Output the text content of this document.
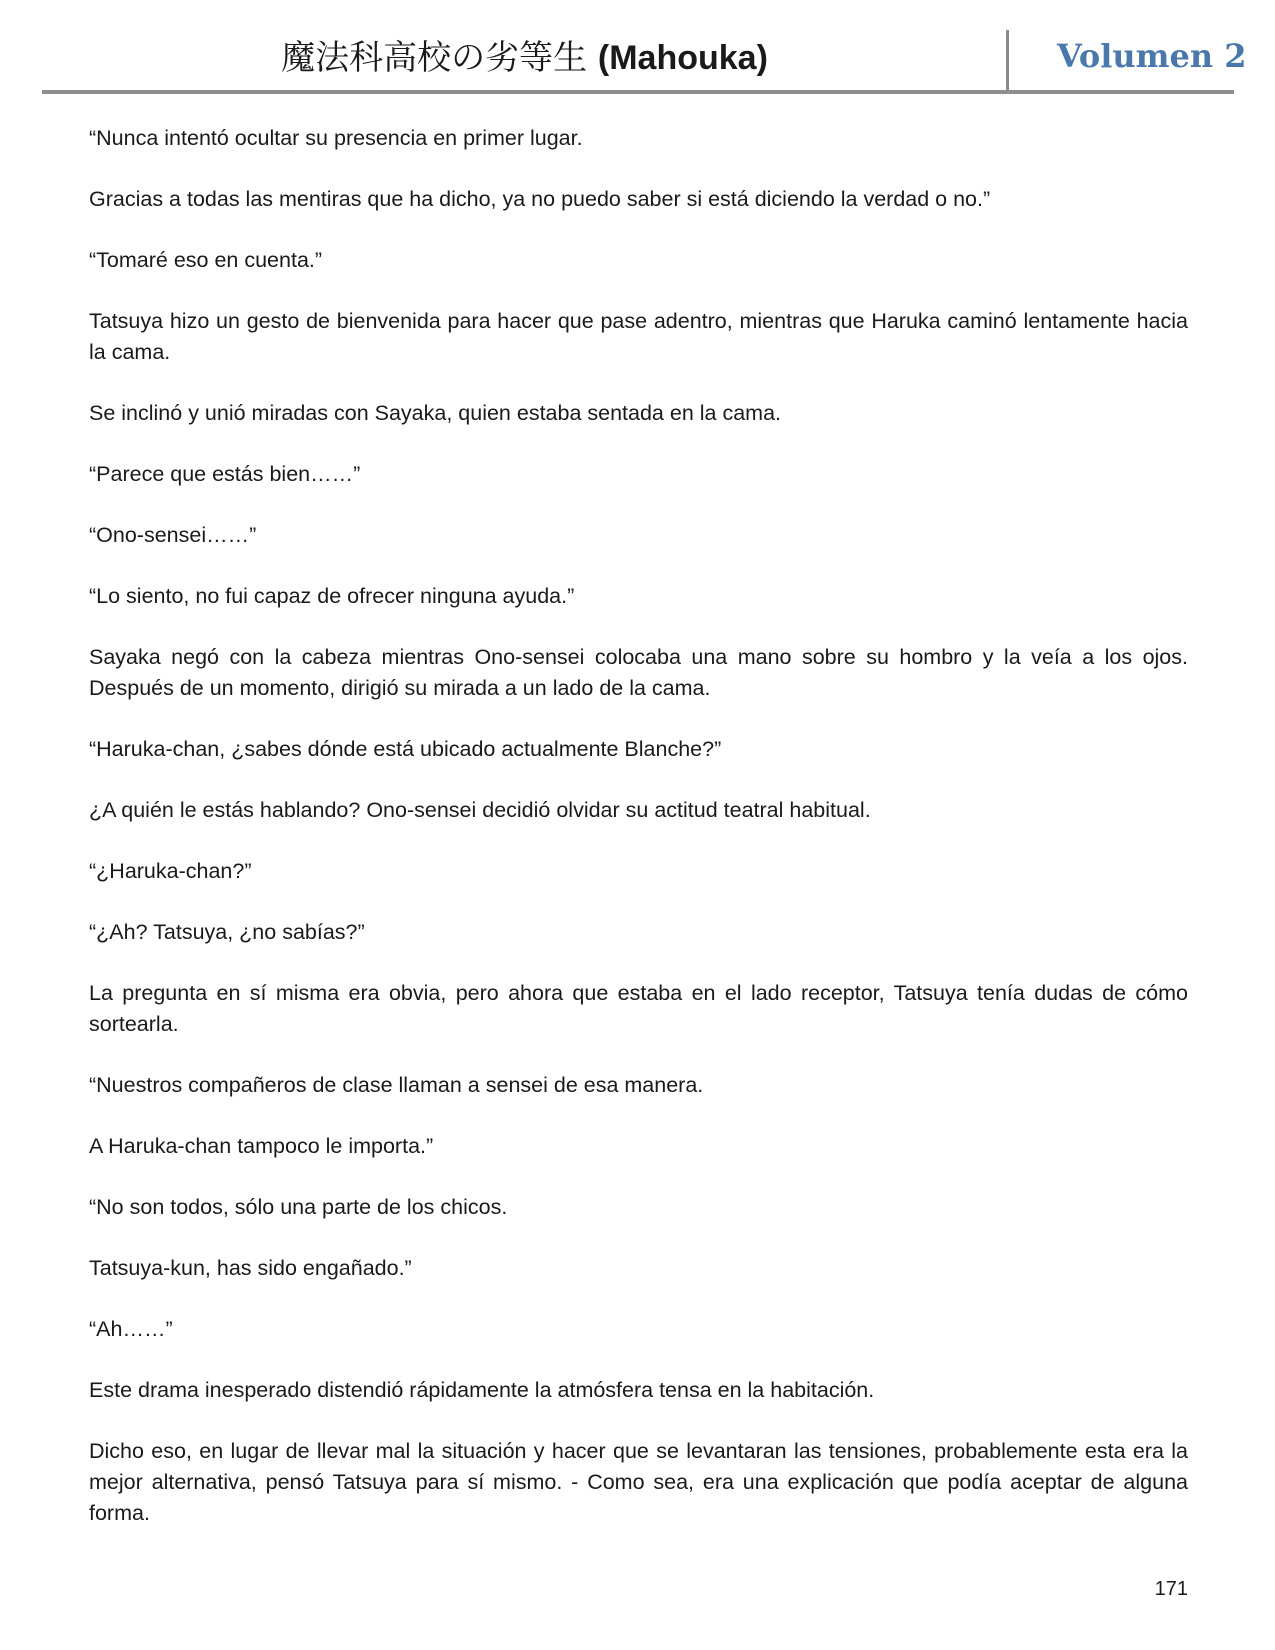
魔法科高校の劣等生 (Mahouka)	Volumen 2

“Nunca intentó ocultar su presencia en primer lugar.

Gracias a todas las mentiras que ha dicho, ya no puedo saber si está diciendo la verdad o no.”

“Tomaré eso en cuenta.”

Tatsuya hizo un gesto de bienvenida para hacer que pase adentro, mientras que Haruka caminó lentamente hacia la cama.

Se inclinó y unió miradas con Sayaka, quien estaba sentada en la cama.

“Parece que estás bien……”

“Ono-sensei……”

“Lo siento, no fui capaz de ofrecer ninguna ayuda.”

Sayaka negó con la cabeza mientras Ono-sensei colocaba una mano sobre su hombro y la veía a los ojos. Después de un momento, dirigió su mirada a un lado de la cama.

“Haruka-chan, ¿sabes dónde está ubicado actualmente Blanche?”

¿A quién le estás hablando? Ono-sensei decidió olvidar su actitud teatral habitual.

“¿Haruka-chan?”

“¿Ah? Tatsuya, ¿no sabías?”

La pregunta en sí misma era obvia, pero ahora que estaba en el lado receptor, Tatsuya tenía dudas de cómo sortearla.

“Nuestros compañeros de clase llaman a sensei de esa manera.

A Haruka-chan tampoco le importa.”

“No son todos, sólo una parte de los chicos.

Tatsuya-kun, has sido engañado.”

“Ah……”

Este drama inesperado distendió rápidamente la atmósfera tensa en la habitación.

Dicho eso, en lugar de llevar mal la situación y hacer que se levantaran las tensiones, probablemente esta era la mejor alternativa, pensó Tatsuya para sí mismo. - Como sea, era una explicación que podía aceptar de alguna forma.

171
